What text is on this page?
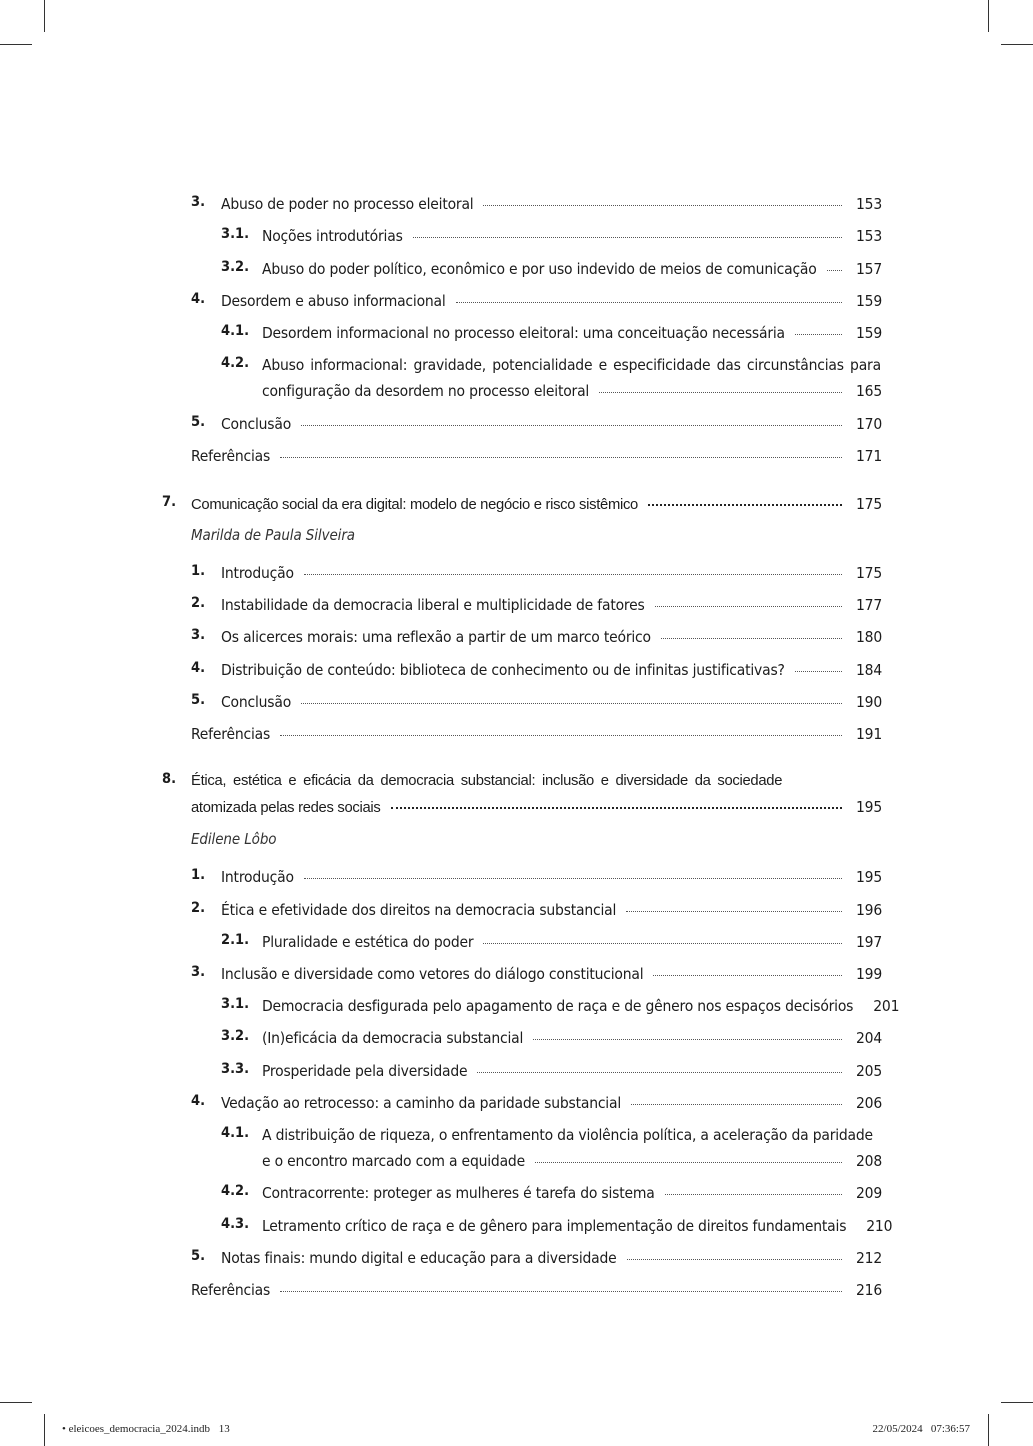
3. Abuso de poder no processo eleitoral	153
3.1. Noções introdutórias	153
3.2. Abuso do poder político, econômico e por uso indevido de meios de comunicação	157
4. Desordem e abuso informacional	159
4.1. Desordem informacional no processo eleitoral: uma conceituação necessária	159
4.2. Abuso informacional: gravidade, potencialidade e especificidade das circunstâncias para
configuração da desordem no processo eleitoral	165
5. Conclusão	170
Referências	171
7. Comunicação social da era digital: modelo de negócio e risco sistêmico	175
Marilda de Paula Silveira
1. Introdução	175
2. Instabilidade da democracia liberal e multiplicidade de fatores	177
3. Os alicerces morais: uma reflexão a partir de um marco teórico	180
4. Distribuição de conteúdo: biblioteca de conhecimento ou de infinitas justificativas?	184
5. Conclusão	190
Referências	191
8. Ética, estética e eficácia da democracia substancial: inclusão e diversidade da sociedade
atomizada pelas redes sociais	195
Edilene Lôbo
1. Introdução	195
2. Ética e efetividade dos direitos na democracia substancial	196
2.1. Pluralidade e estética do poder	197
3. Inclusão e diversidade como vetores do diálogo constitucional	199
3.1. Democracia desfigurada pelo apagamento de raça e de gênero nos espaços decisórios 201
3.2. (In)eficácia da democracia substancial	204
3.3. Prosperidade pela diversidade	205
4. Vedação ao retrocesso: a caminho da paridade substancial	206
4.1. A distribuição de riqueza, o enfrentamento da violência política, a aceleração da paridade
e o encontro marcado com a equidade	208
4.2. Contracorrente: proteger as mulheres é tarefa do sistema	209
4.3. Letramento crítico de raça e de gênero para implementação de direitos fundamentais 210
5. Notas finais: mundo digital e educação para a diversidade	212
Referências	216
• eleicoes_democracia_2024.indb 13	22/05/2024   07:36:57
